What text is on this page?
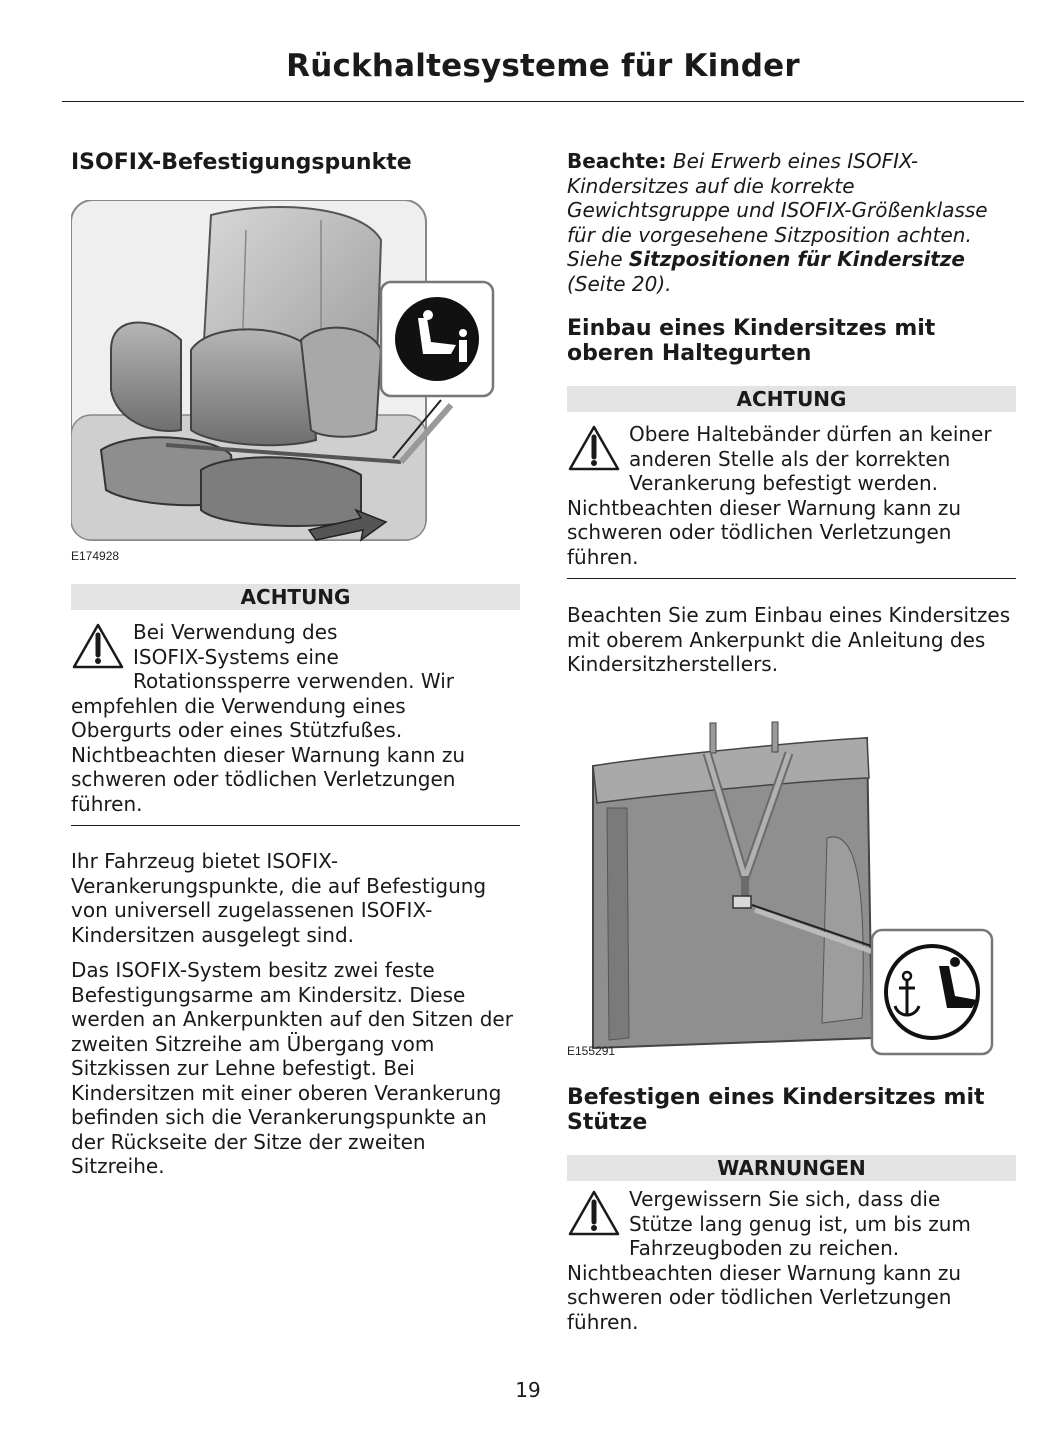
Rückhaltesysteme für Kinder
ISOFIX-Befestigungspunkte
E174928
ACHTUNG
Bei Verwendung des
ISOFIX-Systems eine
Rotationssperre verwenden. Wir
empfehlen die Verwendung eines Obergurts oder eines Stützfußes. Nichtbeachten dieser Warnung kann zu schweren oder tödlichen Verletzungen führen.

Ihr Fahrzeug bietet ISOFIX-Verankerungspunkte, die auf Befestigung von universell zugelassenen ISOFIX-Kindersitzen ausgelegt sind.

Das ISOFIX-System besitz zwei feste Befestigungsarme am Kindersitz. Diese werden an Ankerpunkten auf den Sitzen der zweiten Sitzreihe am Übergang vom Sitzkissen zur Lehne befestigt. Bei Kindersitzen mit einer oberen Verankerung befinden sich die Verankerungspunkte an der Rückseite der Sitze der zweiten Sitzreihe.

Beachte: Bei Erwerb eines ISOFIX-Kindersitzes auf die korrekte Gewichtsgruppe und ISOFIX-Größenklasse für die vorgesehene Sitzposition achten. Siehe Sitzpositionen für Kindersitze (Seite 20).

Einbau eines Kindersitzes mit oberen Haltegurten
ACHTUNG
Obere Haltebänder dürfen an keiner
anderen Stelle als der korrekten
Verankerung befestigt werden.
Nichtbeachten dieser Warnung kann zu schweren oder tödlichen Verletzungen führen.

Beachten Sie zum Einbau eines Kindersitzes mit oberem Ankerpunkt die Anleitung des Kindersitzherstellers.

E155291
Befestigen eines Kindersitzes mit Stütze
WARNUNGEN
Vergewissern Sie sich, dass die
Stütze lang genug ist, um bis zum
Fahrzeugboden zu reichen.
Nichtbeachten dieser Warnung kann zu schweren oder tödlichen Verletzungen führen.
19
